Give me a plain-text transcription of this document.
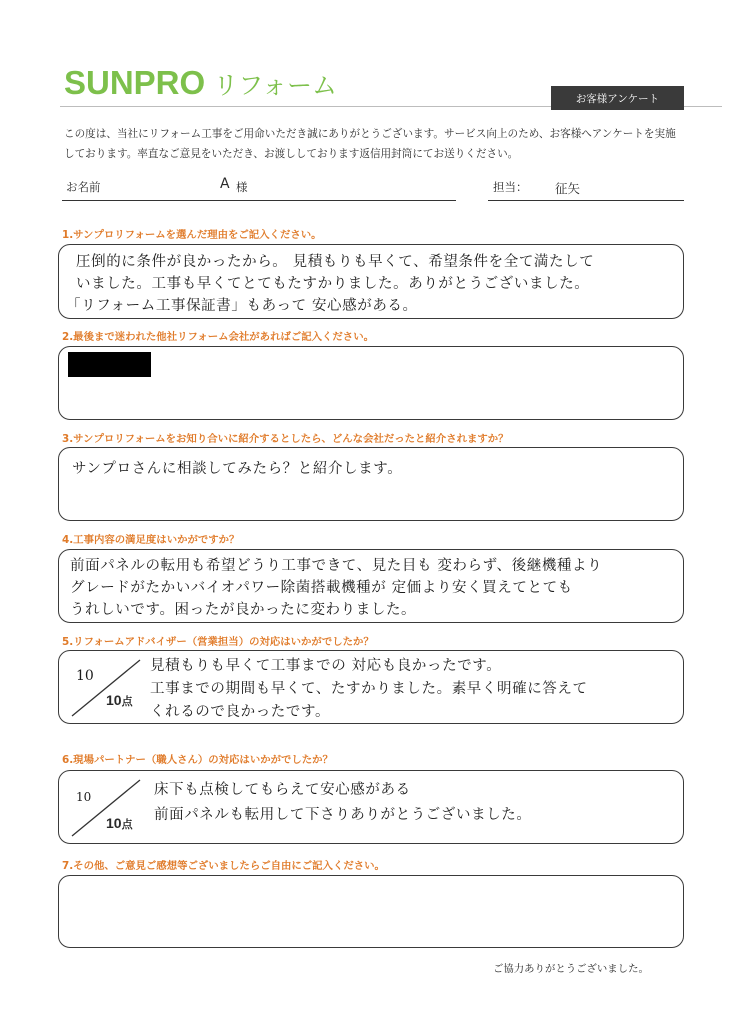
SUNPRO リフォーム	お客様アンケート
この度は、当社にリフォーム工事をご用命いただき誠にありがとうございます。サービス向上のため、お客様へアンケートを実施しております。率直なご意見をいただき、お渡ししております返信用封筒にてお送りください。
お名前	A 様	担当： 征矢
1.サンプロリフォームを選んだ理由をご記入ください。
圧倒的に条件が良かったから。 見積もりも早くて、希望条件を全て満たして
いました。工事も早くてとてもたすかりました。ありがとうございました。
「リフォーム工事保証書」もあって 安心感がある。
2.最後まで迷われた他社リフォーム会社があればご記入ください。
3.サンプロリフォームをお知り合いに紹介するとしたら、どんな会社だったと紹介されますか？
サンプロさんに相談してみたら？と紹介します。
4.工事内容の満足度はいかがですか？
前面パネルの転用も希望どうり工事できて、見た目も 変わらず、後継機種より
グレードがたかいバイオパワー除菌搭載機種が 定価より安く買えてとても
うれしいです。困ったが良かったに変わりました。
5.リフォームアドバイザー（営業担当）の対応はいかがでしたか？
10
10点
見積もりも早くて工事までの 対応も良かったです。
工事までの期間も早くて、たすかりました。素早く明確に答えて
くれるので良かったです。
6.現場パートナー（職人さん）の対応はいかがでしたか？
10
10点
床下も点検してもらえて安心感がある
前面パネルも転用して下さりありがとうございました。
7.その他、ご意見ご感想等ございましたらご自由にご記入ください。
ご協力ありがとうございました。
